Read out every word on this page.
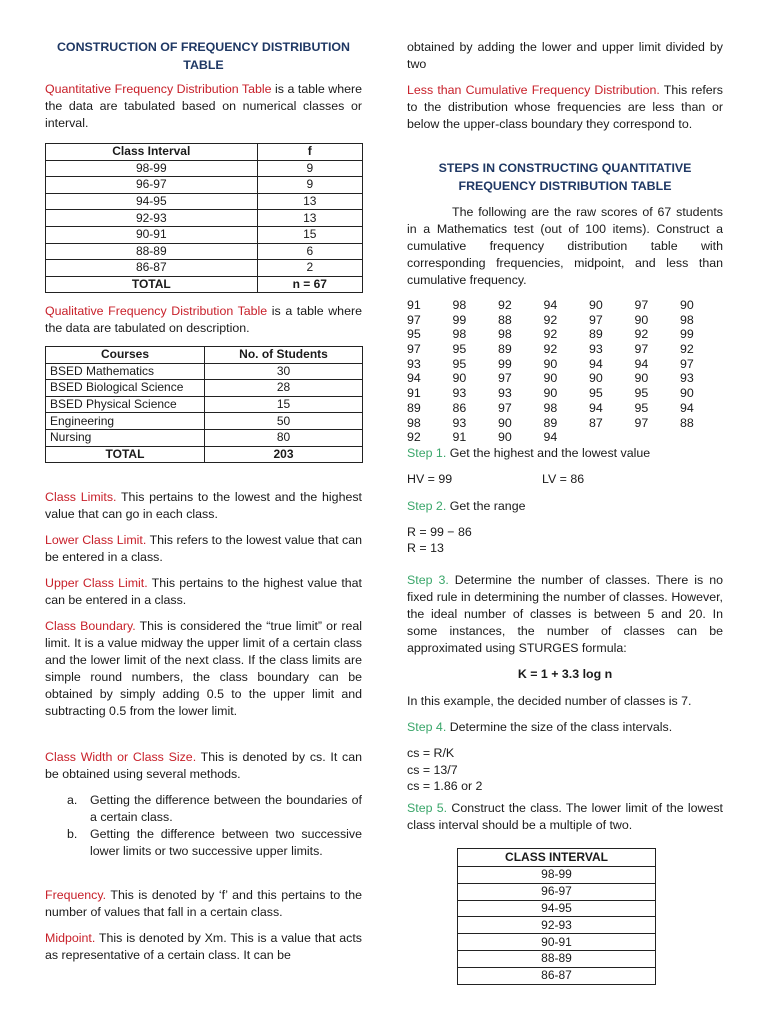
CONSTRUCTION OF FREQUENCY DISTRIBUTION
TABLE
Quantitative Frequency Distribution Table is a table where the data are tabulated based on numerical classes or interval.
Class Interval	f
98-99	9
96-97	9
94-95	13
92-93	13
90-91	15
88-89	6
86-87	2
TOTAL	n = 67
Qualitative Frequency Distribution Table is a table where the data are tabulated on description.
Courses	No. of Students
BSED Mathematics	30
BSED Biological Science	28
BSED Physical Science	15
Engineering	50
Nursing	80
TOTAL	203
Class Limits. This pertains to the lowest and the highest value that can go in each class.
Lower Class Limit. This refers to the lowest value that can be entered in a class.
Upper Class Limit. This pertains to the highest value that can be entered in a class.
Class Boundary. This is considered the “true limit” or real limit. It is a value midway the upper limit of a certain class and the lower limit of the next class. If the class limits are simple round numbers, the class boundary can be obtained by simply adding 0.5 to the upper limit and subtracting 0.5 from the lower limit.
Class Width or Class Size. This is denoted by cs. It can be obtained using several methods.
a.	Getting the difference between the boundaries of a certain class.
b.	Getting the difference between two successive lower limits or two successive upper limits.
Frequency. This is denoted by ‘f’ and this pertains to the number of values that fall in a certain class.
Midpoint. This is denoted by Xm. This is a value that acts as representative of a certain class. It can be
obtained by adding the lower and upper limit divided by two
Less than Cumulative Frequency Distribution. This refers to the distribution whose frequencies are less than or below the upper-class boundary they correspond to.
STEPS IN CONSTRUCTING QUANTITATIVE
FREQUENCY DISTRIBUTION TABLE
The following are the raw scores of 67 students in a Mathematics test (out of 100 items). Construct a cumulative frequency distribution table with corresponding frequencies, midpoint, and less than cumulative frequency.
91	98	92	94	90	97	90
97	99	88	92	97	90	98
95	98	98	92	89	92	99
97	95	89	92	93	97	92
93	95	99	90	94	94	97
94	90	97	90	90	90	93
91	93	93	90	95	95	90
89	86	97	98	94	95	94
98	93	90	89	87	97	88
92	91	90	94
Step 1. Get the highest and the lowest value
HV = 99	LV = 86
Step 2. Get the range
R = 99 − 86
R = 13
Step 3. Determine the number of classes. There is no fixed rule in determining the number of classes. However, the ideal number of classes is between 5 and 20. In some instances, the number of classes can be approximated using STURGES formula:
K = 1 + 3.3 log n
In this example, the decided number of classes is 7.
Step 4. Determine the size of the class intervals.
cs = R/K
cs = 13/7
cs = 1.86 or 2
Step 5. Construct the class. The lower limit of the lowest class interval should be a multiple of two.
CLASS INTERVAL
98-99
96-97
94-95
92-93
90-91
88-89
86-87
